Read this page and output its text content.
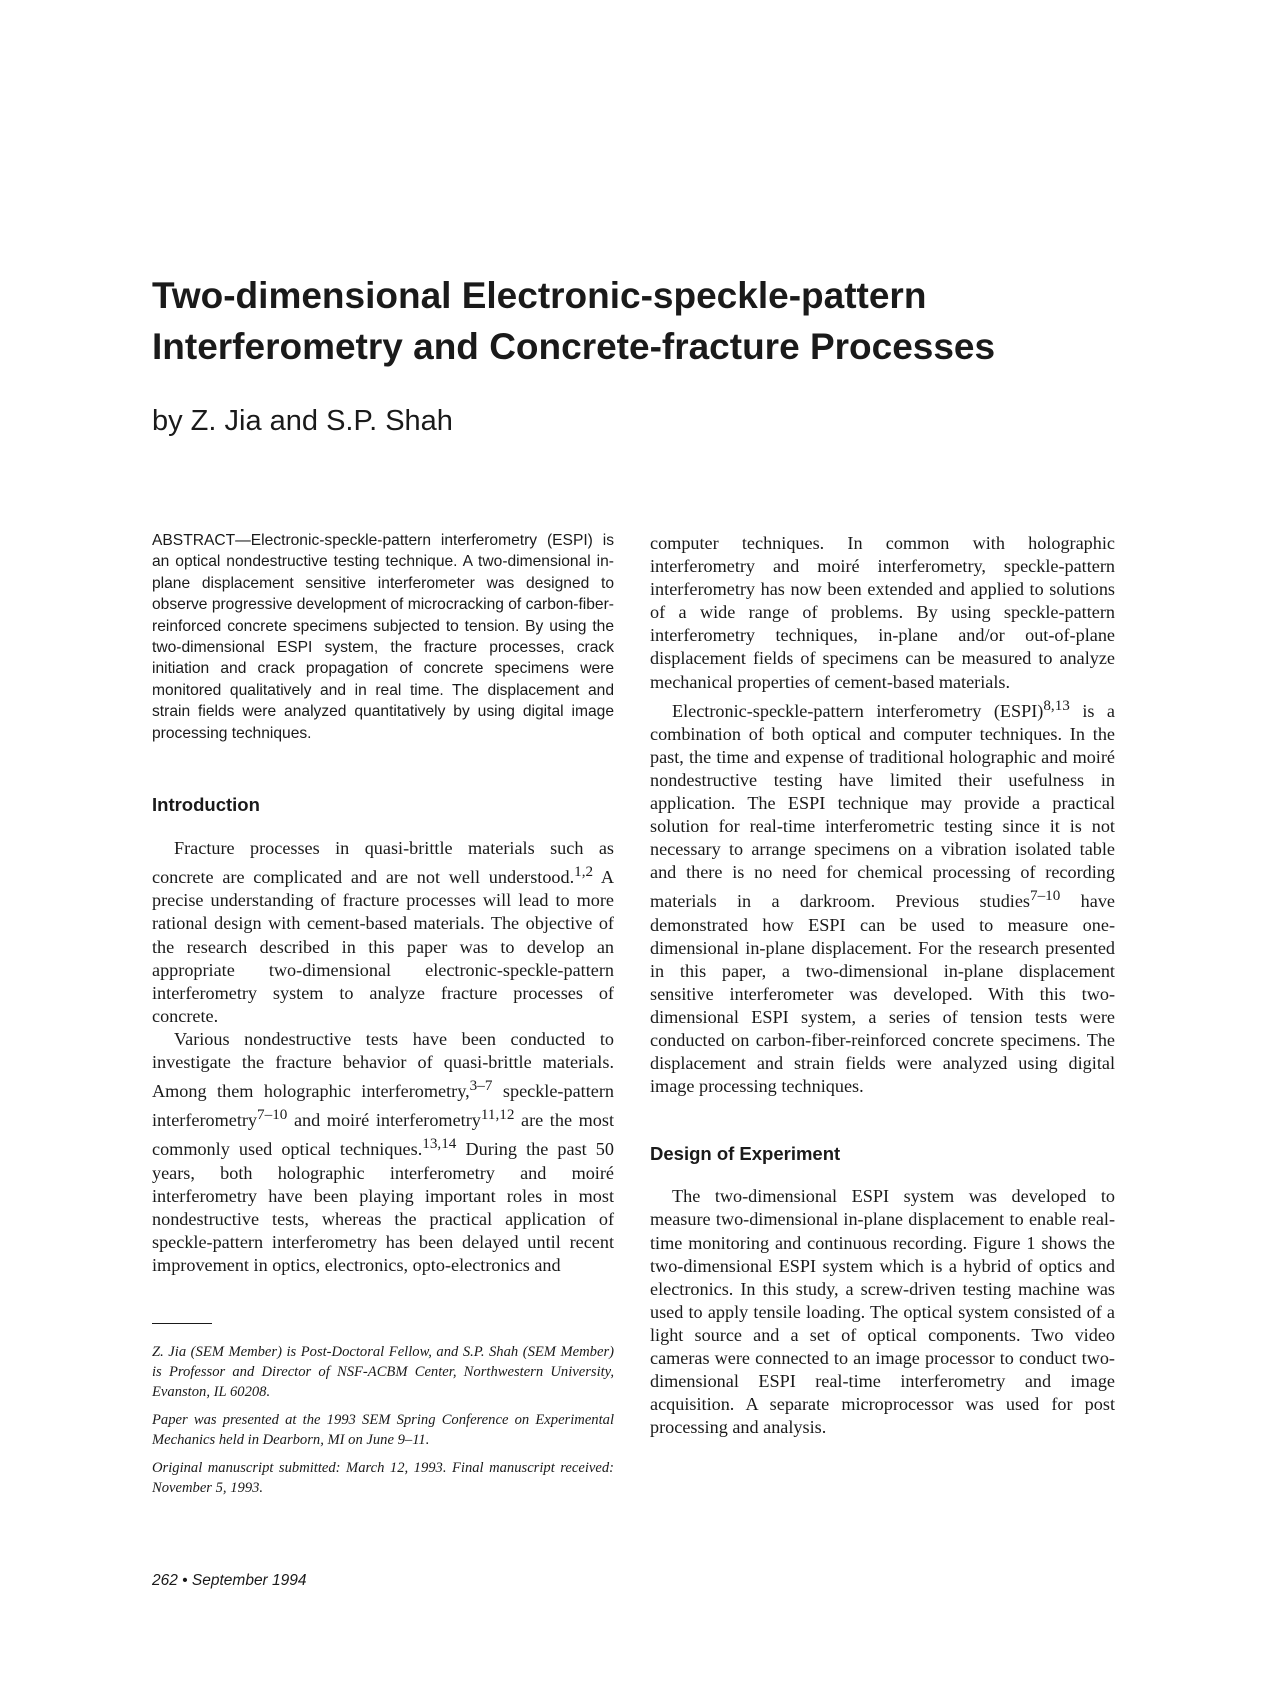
Two-dimensional Electronic-speckle-pattern
Interferometry and Concrete-fracture Processes

by Z. Jia and S.P. Shah

ABSTRACT—Electronic-speckle-pattern interferometry (ESPI) is an optical nondestructive testing technique. A two-dimensional in-plane displacement sensitive interferometer was designed to observe progressive development of microcracking of carbon-fiber-reinforced concrete specimens subjected to tension. By using the two-dimensional ESPI system, the fracture processes, crack initiation and crack propagation of concrete specimens were monitored qualitatively and in real time. The displacement and strain fields were analyzed quantitatively by using digital image processing techniques.

Introduction

Fracture processes in quasi-brittle materials such as concrete are complicated and are not well understood.$^{1,2}$ A precise understanding of fracture processes will lead to more rational design with cement-based materials. The objective of the research described in this paper was to develop an appropriate two-dimensional electronic-speckle-pattern interferometry system to analyze fracture processes of concrete.

Various nondestructive tests have been conducted to investigate the fracture behavior of quasi-brittle materials. Among them holographic interferometry,$^{3-7}$ speckle-pattern interferometry$^{7-10}$ and moiré interferometry$^{11,12}$ are the most commonly used optical techniques.$^{13,14}$ During the past 50 years, both holographic interferometry and moiré interferometry have been playing important roles in most nondestructive tests, whereas the practical application of speckle-pattern interferometry has been delayed until recent improvement in optics, electronics, opto-electronics and

Z. Jia (SEM Member) is Post-Doctoral Fellow, and S.P. Shah (SEM Member) is Professor and Director of NSF-ACBM Center, Northwestern University, Evanston, IL 60208.

Paper was presented at the 1993 SEM Spring Conference on Experimental Mechanics held in Dearborn, MI on June 9–11.

Original manuscript submitted: March 12, 1993. Final manuscript received: November 5, 1993.

computer techniques. In common with holographic interferometry and moiré interferometry, speckle-pattern interferometry has now been extended and applied to solutions of a wide range of problems. By using speckle-pattern interferometry techniques, in-plane and/or out-of-plane displacement fields of specimens can be measured to analyze mechanical properties of cement-based materials.

Electronic-speckle-pattern interferometry (ESPI)$^{8,13}$ is a combination of both optical and computer techniques. In the past, the time and expense of traditional holographic and moiré nondestructive testing have limited their usefulness in application. The ESPI technique may provide a practical solution for real-time interferometric testing since it is not necessary to arrange specimens on a vibration isolated table and there is no need for chemical processing of recording materials in a darkroom. Previous studies$^{7-10}$ have demonstrated how ESPI can be used to measure one-dimensional in-plane displacement. For the research presented in this paper, a two-dimensional in-plane displacement sensitive interferometer was developed. With this two-dimensional ESPI system, a series of tension tests were conducted on carbon-fiber-reinforced concrete specimens. The displacement and strain fields were analyzed using digital image processing techniques.

Design of Experiment

The two-dimensional ESPI system was developed to measure two-dimensional in-plane displacement to enable real-time monitoring and continuous recording. Figure 1 shows the two-dimensional ESPI system which is a hybrid of optics and electronics. In this study, a screw-driven testing machine was used to apply tensile loading. The optical system consisted of a light source and a set of optical components. Two video cameras were connected to an image processor to conduct two-dimensional ESPI real-time interferometry and image acquisition. A separate microprocessor was used for post processing and analysis.

262 • September 1994
